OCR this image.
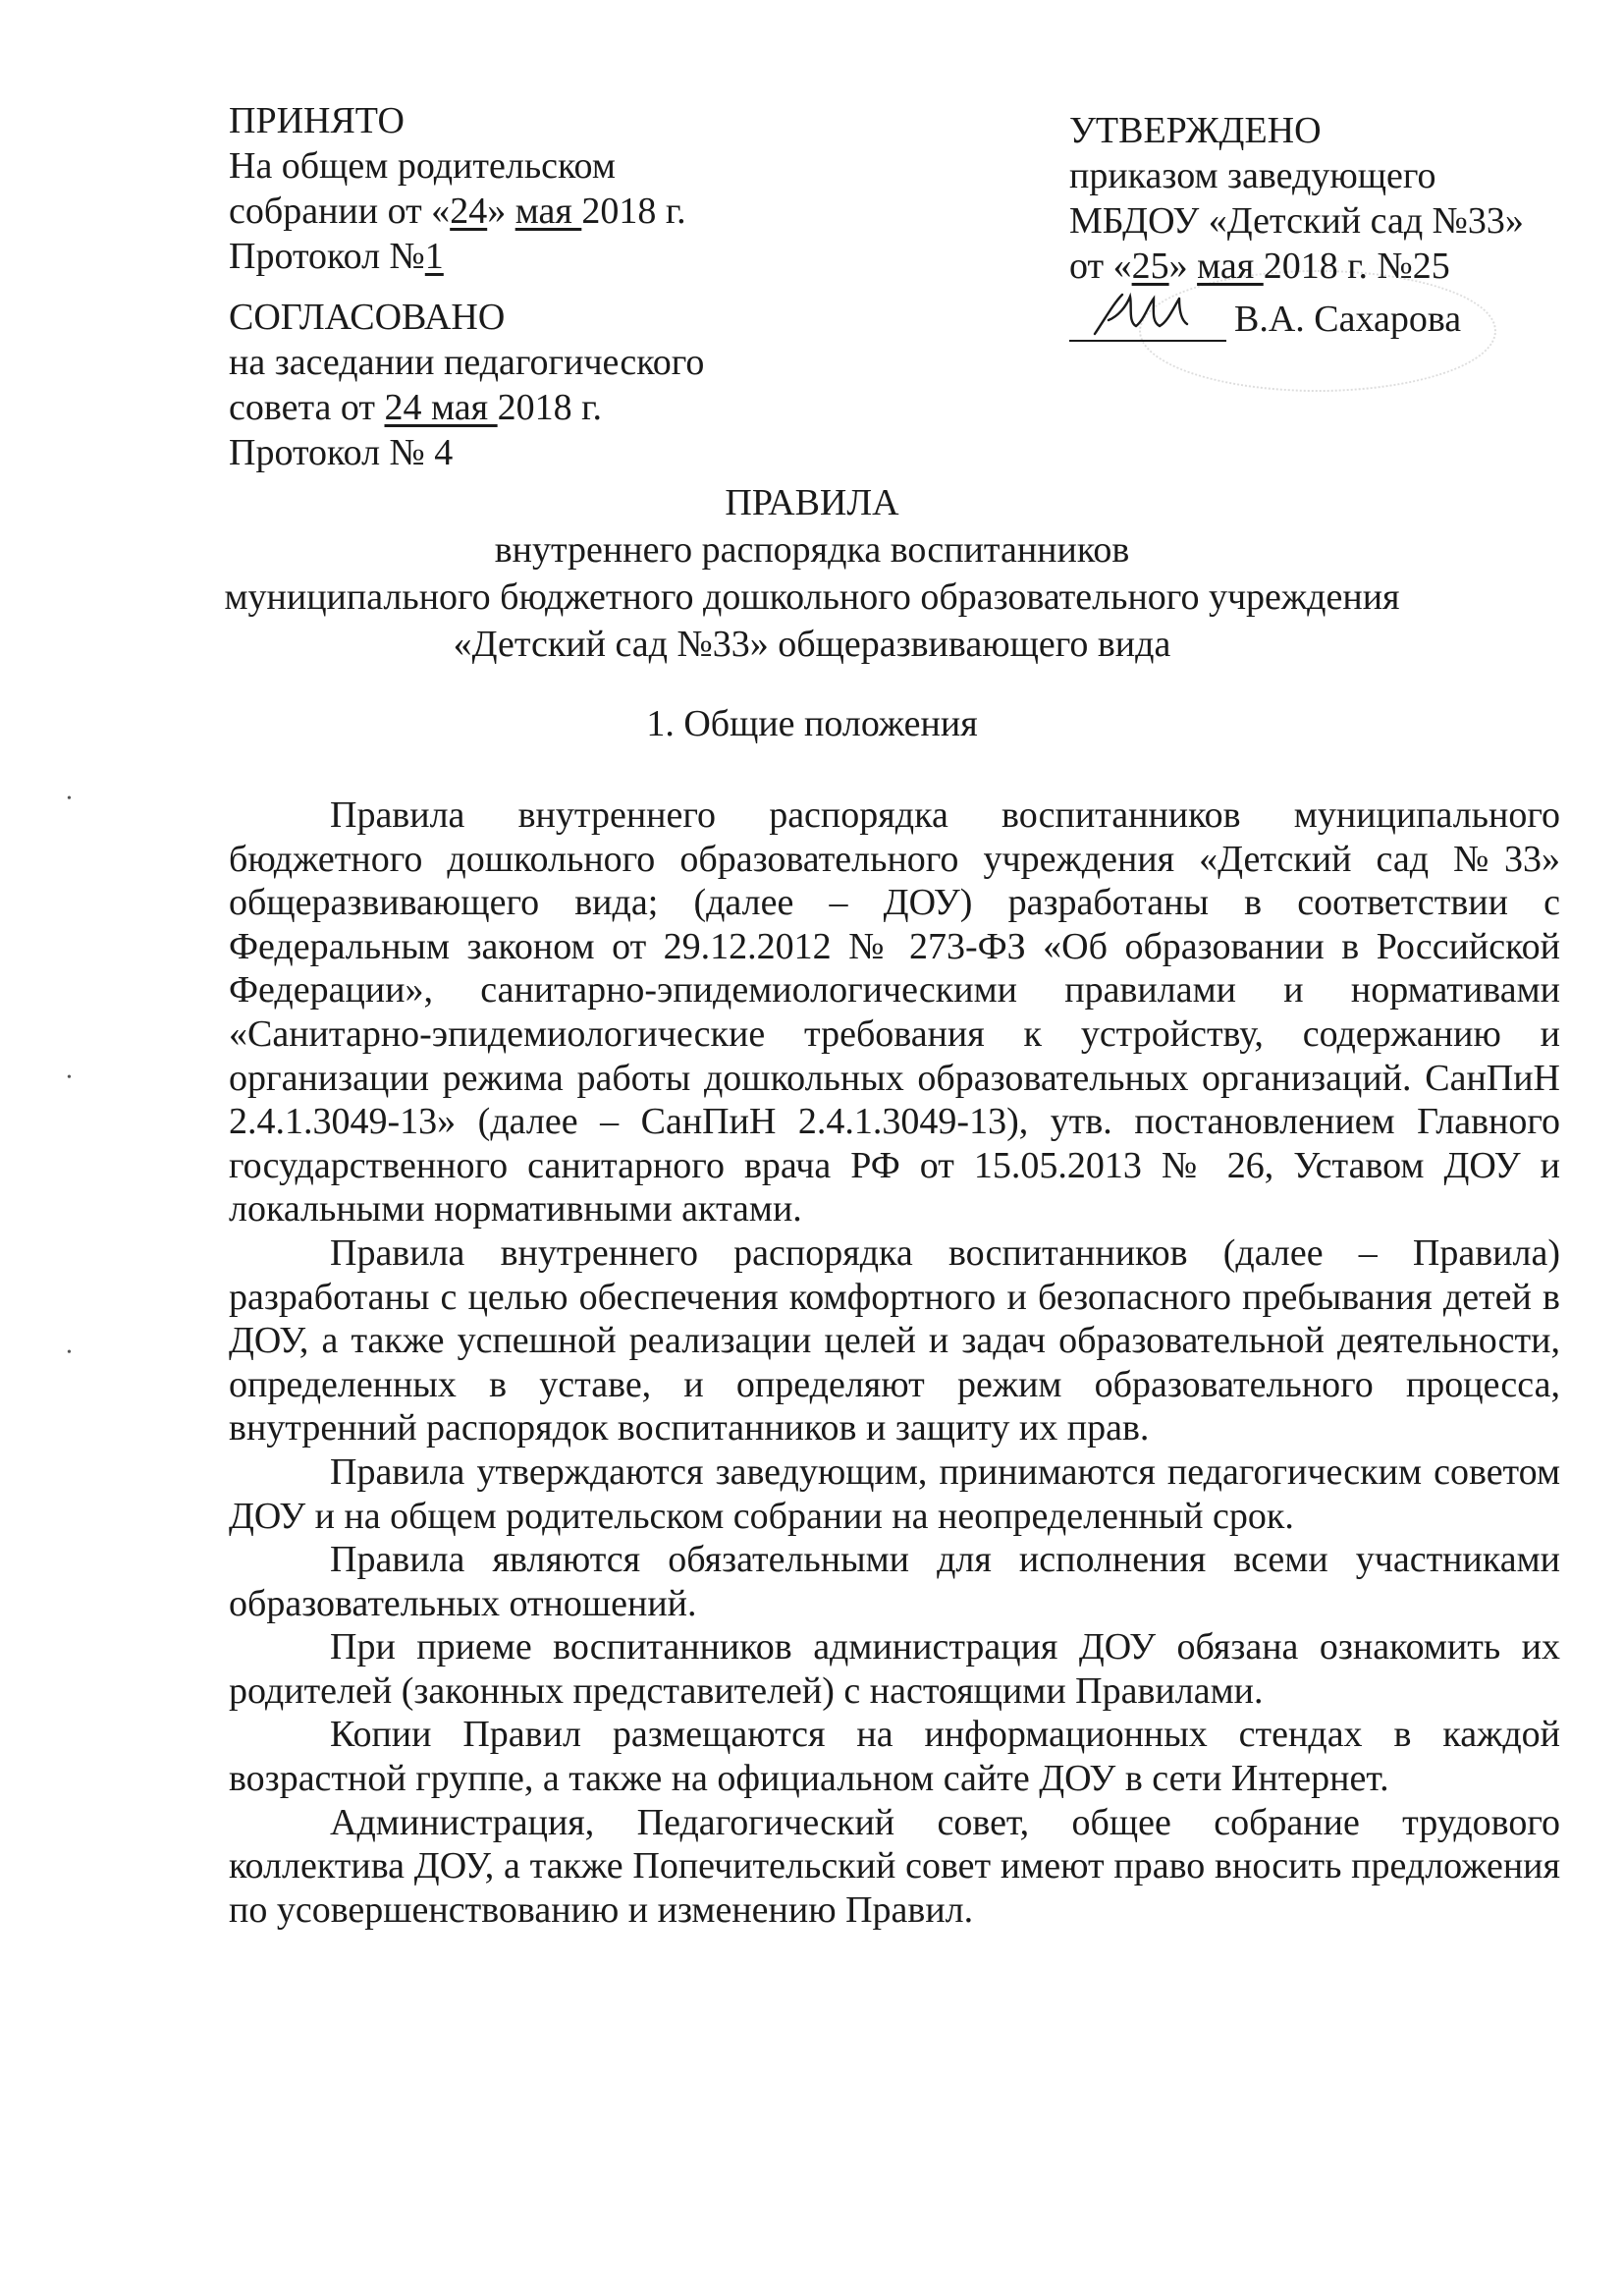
ПРИНЯТО
На общем родительском
собрании от «24» мая 2018 г.
Протокол №1
СОГЛАСОВАНО
на заседании педагогического
совета от 24 мая 2018 г.
Протокол № 4
УТВЕРЖДЕНО
приказом заведующего
МБДОУ «Детский сад №33»
от «25» мая 2018 г. №25
В.А. Сахарова
ПРАВИЛА
внутреннего распорядка воспитанников
муниципального бюджетного дошкольного образовательного учреждения
«Детский сад №33» общеразвивающего вида
1. Общие положения

Правила внутреннего распорядка воспитанников муниципального бюджетного дошкольного образовательного учреждения «Детский сад №33» общеразвивающего вида; (далее – ДОУ) разработаны в соответствии с Федеральным законом от 29.12.2012 № 273-ФЗ «Об образовании в Российской Федерации», санитарно-эпидемиологическими правилами и нормативами «Санитарно-эпидемиологические требования к устройству, содержанию и организации режима работы дошкольных образовательных организаций. СанПиН 2.4.1.3049-13» (далее – СанПиН 2.4.1.3049-13), утв. постановлением Главного государственного санитарного врача РФ от 15.05.2013 № 26, Уставом ДОУ и локальными нормативными актами.

Правила внутреннего распорядка воспитанников (далее – Правила) разработаны с целью обеспечения комфортного и безопасного пребывания детей в ДОУ, а также успешной реализации целей и задач образовательной деятельности, определенных в уставе, и определяют режим образовательного процесса, внутренний распорядок воспитанников и защиту их прав.

Правила утверждаются заведующим, принимаются педагогическим советом ДОУ и на общем родительском собрании на неопределенный срок.

Правила являются обязательными для исполнения всеми участниками образовательных отношений.

При приеме воспитанников администрация ДОУ обязана ознакомить их родителей (законных представителей) с настоящими Правилами.

Копии Правил размещаются на информационных стендах в каждой возрастной группе, а также на официальном сайте ДОУ в сети Интернет.

Администрация, Педагогический совет, общее собрание трудового коллектива ДОУ, а также Попечительский совет имеют право вносить предложения по усовершенствованию и изменению Правил.

•
•
•
